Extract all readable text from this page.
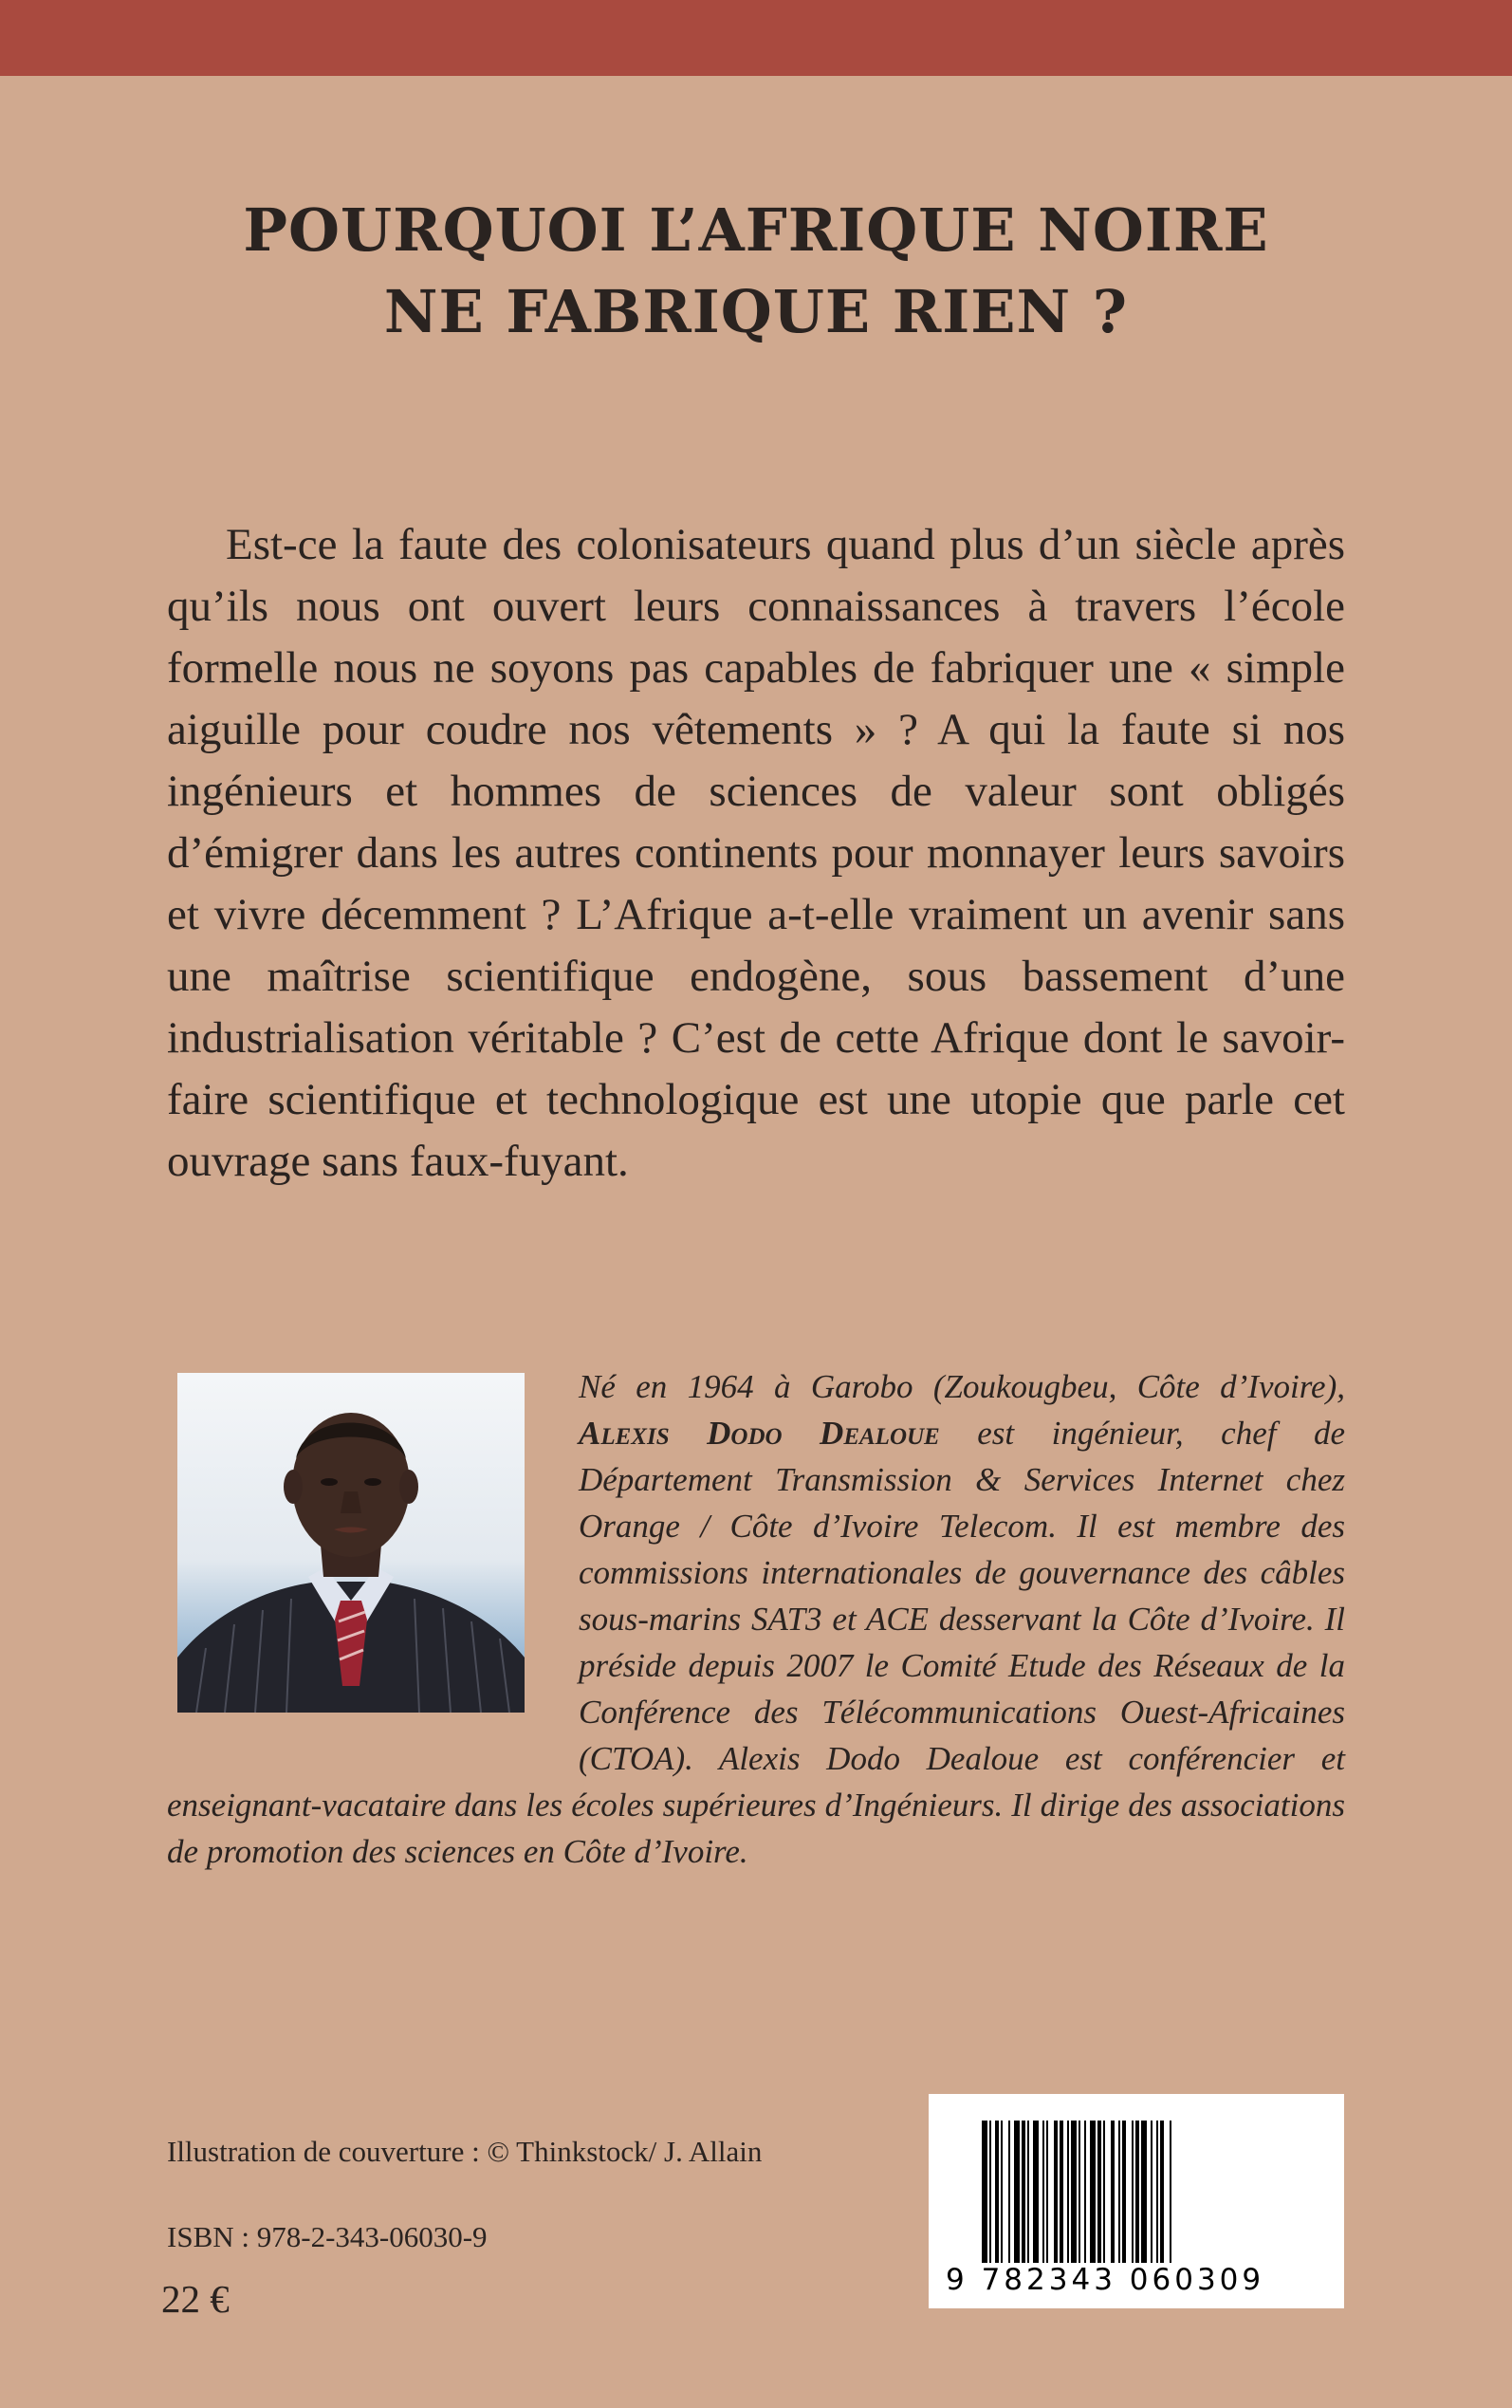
POURQUOI L’AFRIQUE NOIRE
NE FABRIQUE RIEN ?

Est-ce la faute des colonisateurs quand plus d’un siècle après qu’ils nous ont ouvert leurs connaissances à travers l’école formelle nous ne soyons pas capables de fabriquer une « simple aiguille pour coudre nos vêtements » ? A qui la faute si nos ingénieurs et hommes de sciences de valeur sont obligés d’émigrer dans les autres continents pour monnayer leurs savoirs et vivre décemment ? L’Afrique a-t-elle vraiment un avenir sans une maîtrise scientifique endogène, sous bassement d’une industrialisation véritable ? C’est de cette Afrique dont le savoir-faire scientifique et technologique est une utopie que parle cet ouvrage sans faux-fuyant.

Né en 1964 à Garobo (Zoukougbeu, Côte d’Ivoire), Alexis Dodo Dealoue est ingénieur, chef de Département Transmission & Services Internet chez Orange / Côte d’Ivoire Telecom. Il est membre des commissions internationales de gouvernance des câbles sous-marins SAT3 et ACE desservant la Côte d’Ivoire. Il préside depuis 2007 le Comité Etude des Réseaux de la Conférence des Télécommunications Ouest-Africaines (CTOA). Alexis Dodo Dealoue est conférencier et enseignant-vacataire dans les écoles supérieures d’Ingénieurs. Il dirige des associations de promotion des sciences en Côte d’Ivoire.

Illustration de couverture : © Thinkstock/ J. Allain

ISBN : 978-2-343-06030-9

22 €	9 782343 060309
